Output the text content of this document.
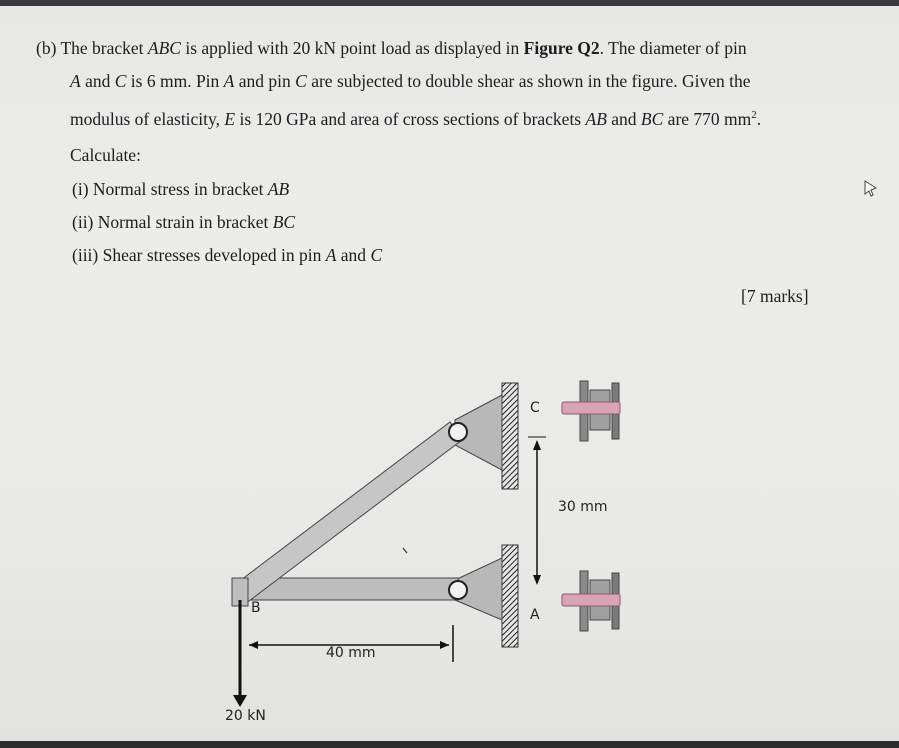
(b) The bracket ABC is applied with 20 kN point load as displayed in Figure Q2. The diameter of pin
A and C is 6 mm. Pin A and pin C are subjected to double shear as shown in the figure. Given the
modulus of elasticity, E is 120 GPa and area of cross sections of brackets AB and BC are 770 $mm^2$.
Calculate:
(i) Normal stress in bracket AB
(ii) Normal strain in bracket BC
(iii) Shear stresses developed in pin A and C
[7 marks]
B
C
A
30 mm
40 mm
20 kN
